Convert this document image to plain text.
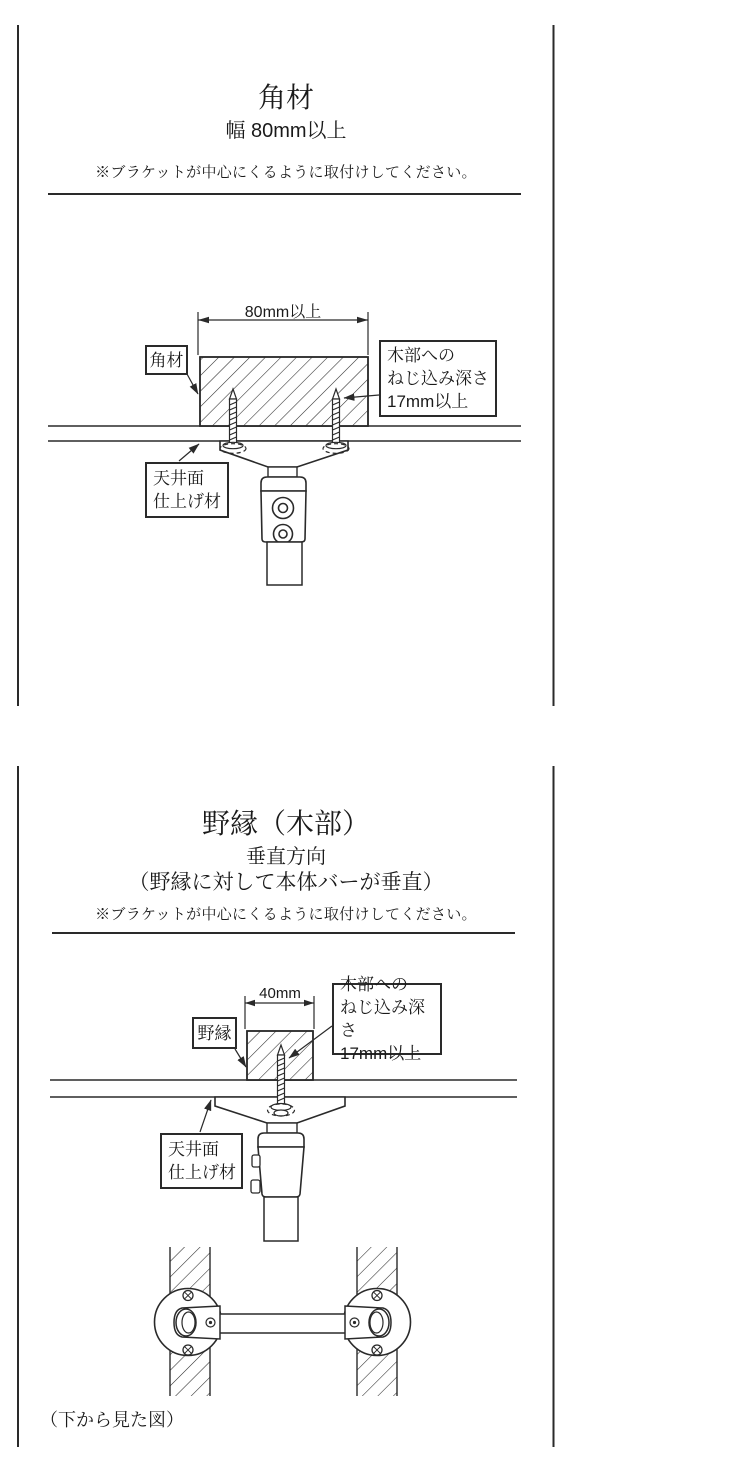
角材
幅 80mm以上
※ブラケットが中心にくるように取付けしてください。
80mm以上
角材	木部への
ねじ込み深さ
17mm以上
天井面
仕上げ材
野縁（木部）
垂直方向
（野縁に対して本体バーが垂直）
※ブラケットが中心にくるように取付けしてください。
40mm
野縁
木部への
ねじ込み深さ
17mm以上
天井面
仕上げ材
（下から見た図）
